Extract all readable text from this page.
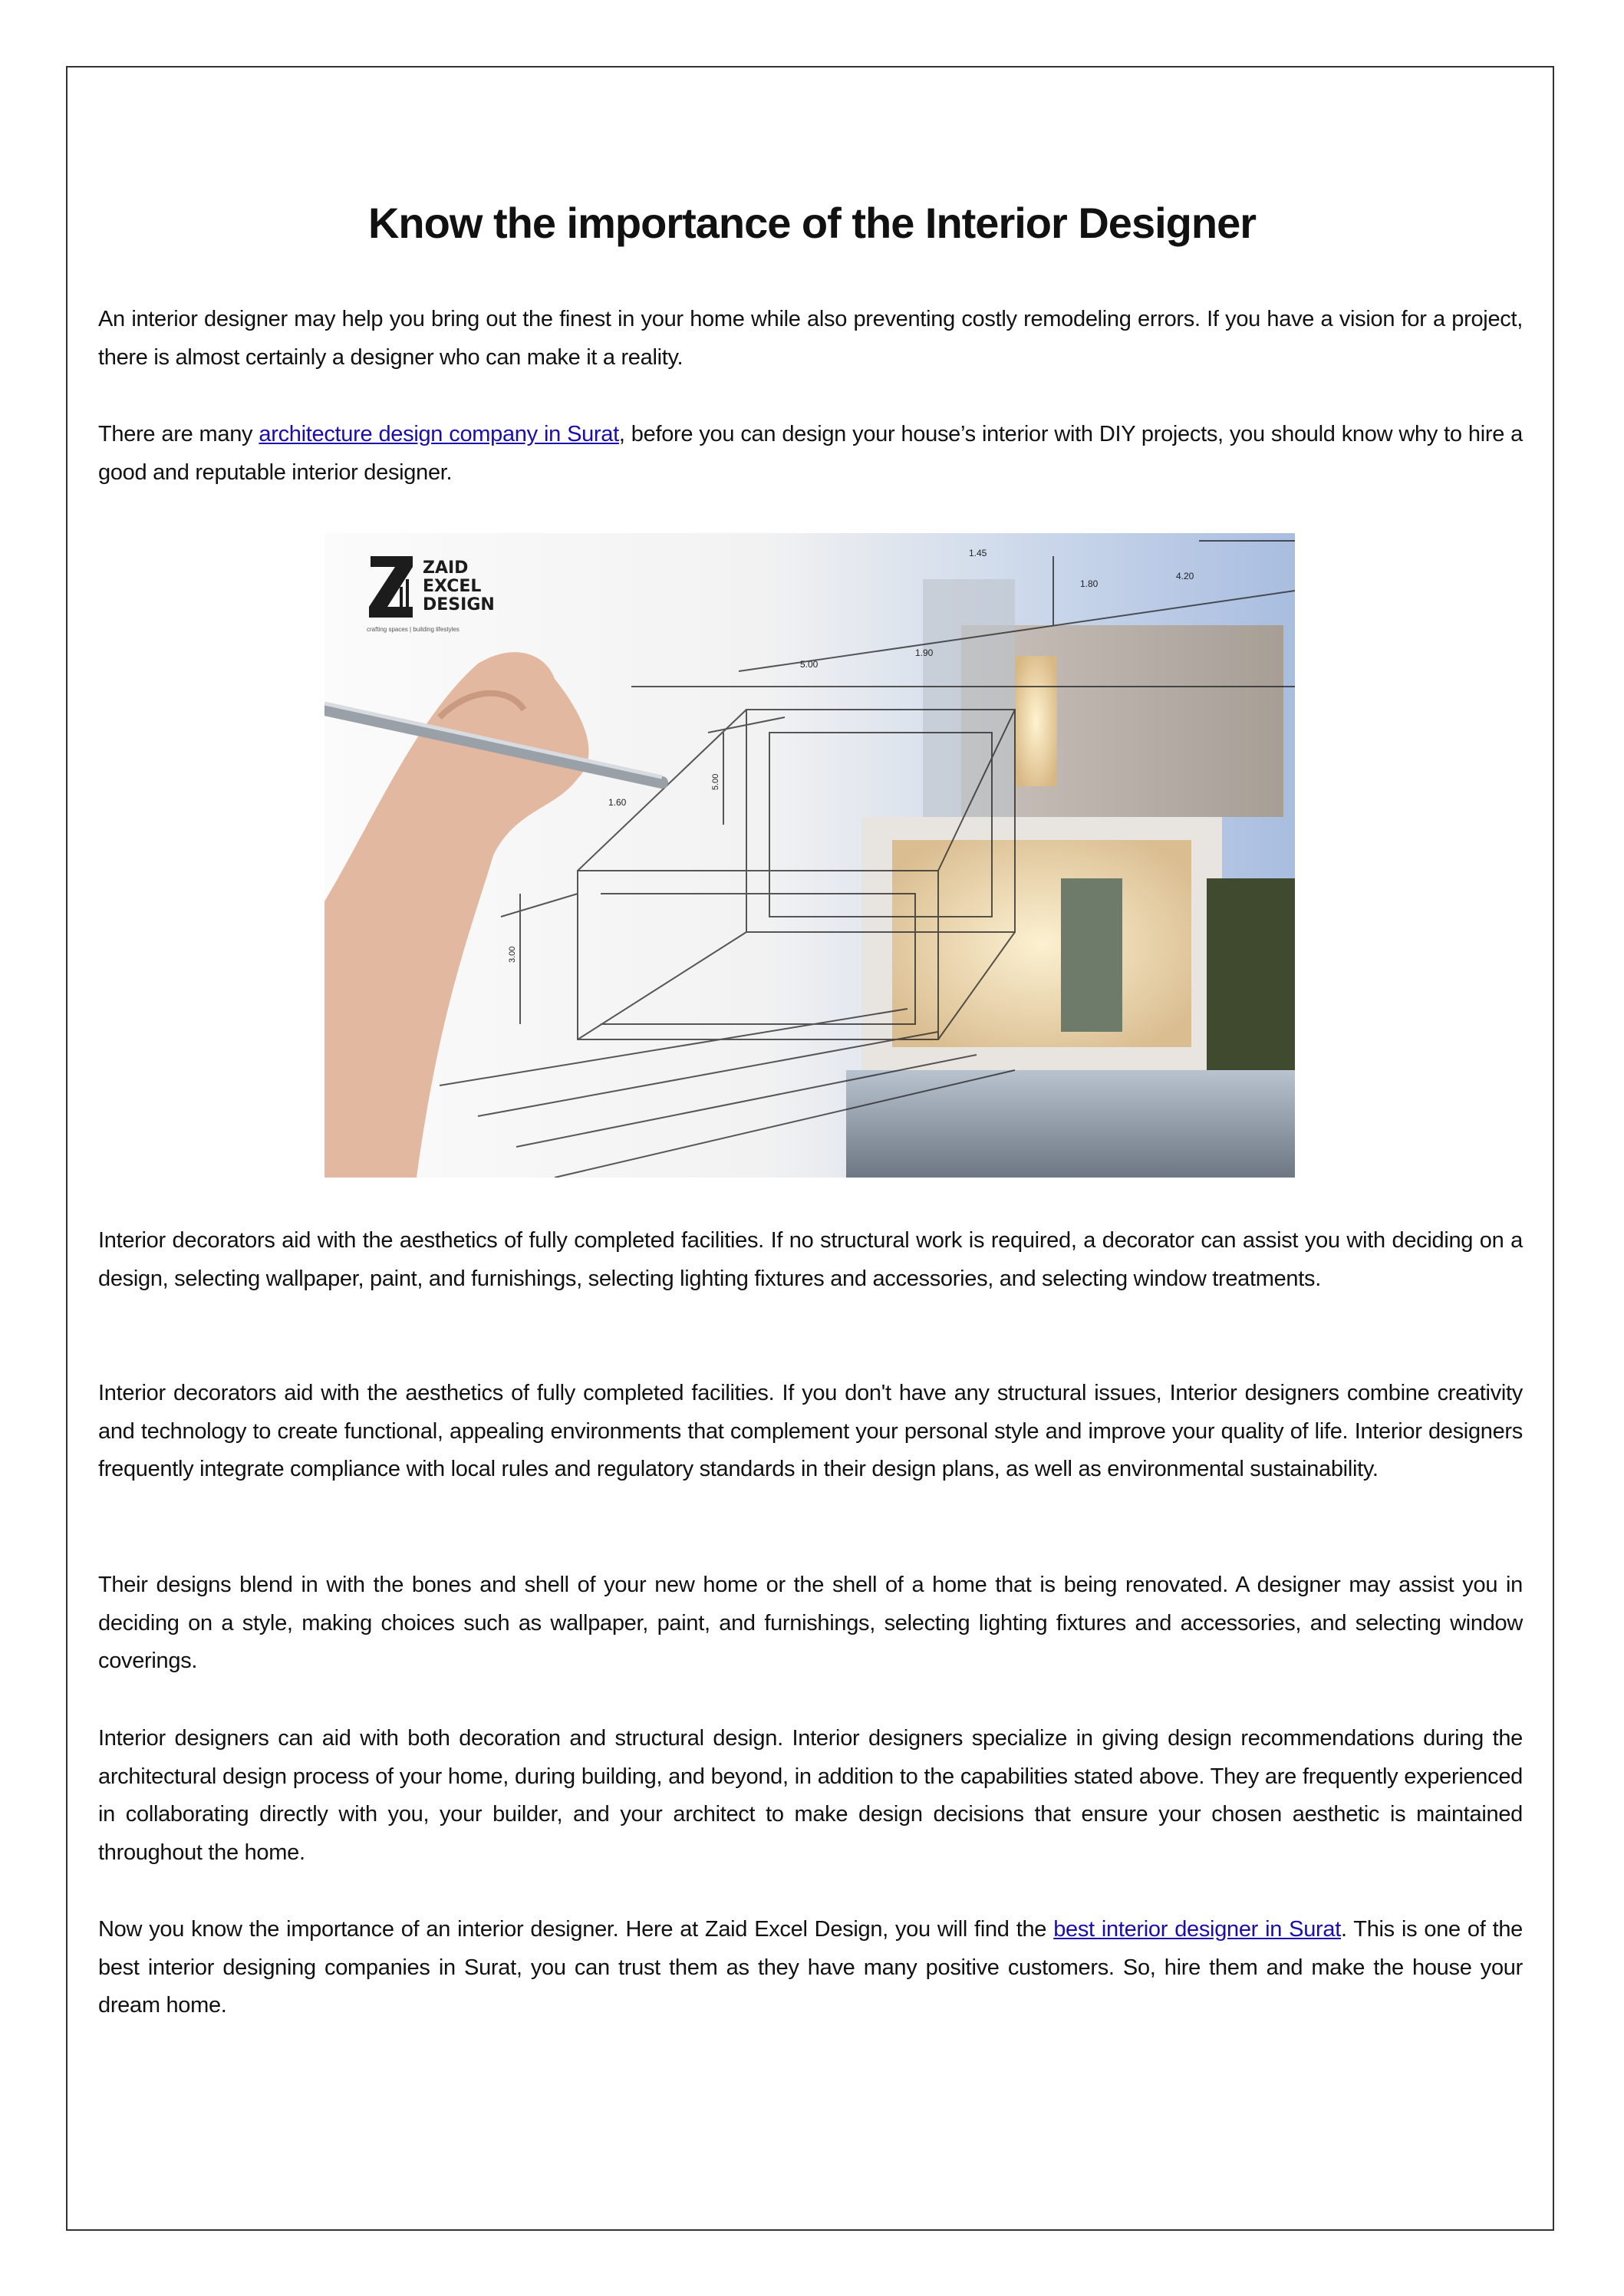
Know the importance of the Interior Designer

An interior designer may help you bring out the finest in your home while also preventing costly remodeling errors. If you have a vision for a project, there is almost certainly a designer who can make it a reality.

There are many architecture design company in Surat, before you can design your house’s interior with DIY projects, you should know why to hire a good and reputable interior designer.

1.45
1.80
4.20
5.00
1.90
1.60
3.00
5.00
ZAID
EXCEL
DESIGN
crafting spaces | building lifestyles

Interior decorators aid with the aesthetics of fully completed facilities. If no structural work is required, a decorator can assist you with deciding on a design, selecting wallpaper, paint, and furnishings, selecting lighting fixtures and accessories, and selecting window treatments.

Interior decorators aid with the aesthetics of fully completed facilities. If you don't have any structural issues, Interior designers combine creativity and technology to create functional, appealing environments that complement your personal style and improve your quality of life. Interior designers frequently integrate compliance with local rules and regulatory standards in their design plans, as well as environmental sustainability.

Their designs blend in with the bones and shell of your new home or the shell of a home that is being renovated. A designer may assist you in deciding on a style, making choices such as wallpaper, paint, and furnishings, selecting lighting fixtures and accessories, and selecting window coverings.

Interior designers can aid with both decoration and structural design. Interior designers specialize in giving design recommendations during the architectural design process of your home, during building, and beyond, in addition to the capabilities stated above. They are frequently experienced in collaborating directly with you, your builder, and your architect to make design decisions that ensure your chosen aesthetic is maintained throughout the home.

Now you know the importance of an interior designer. Here at Zaid Excel Design, you will find the best interior designer in Surat. This is one of the best interior designing companies in Surat, you can trust them as they have many positive customers. So, hire them and make the house your dream home.
